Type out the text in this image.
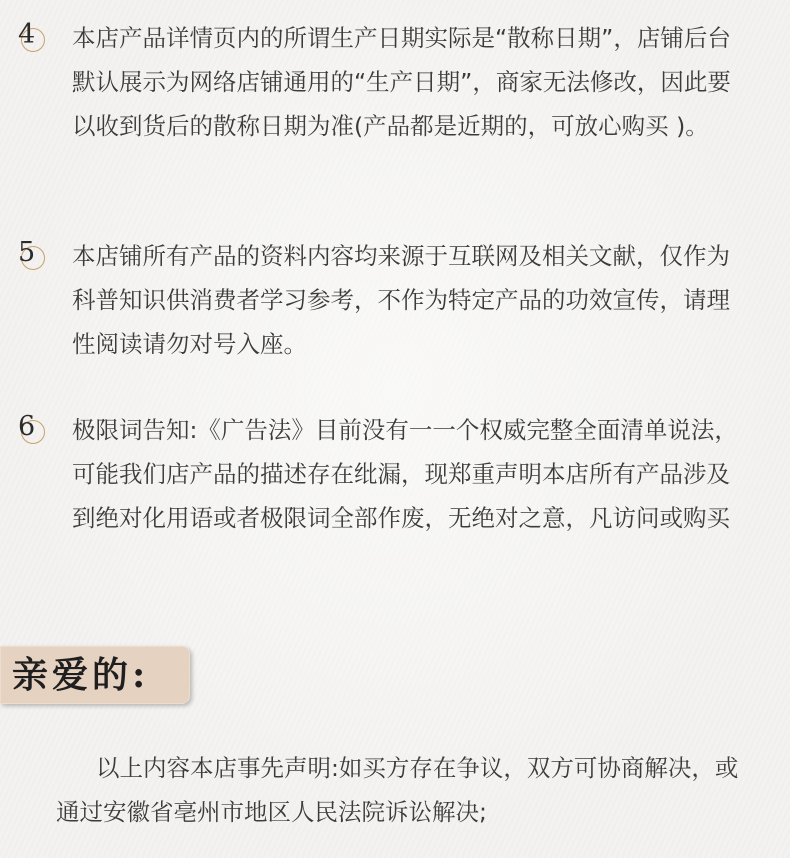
4 本店产品详情页内的所谓生产日期实际是“散称日期”，店铺后台默认展示为网络店铺通用的“生产日期”，商家无法修改，因此要以收到货后的散称日期为准(产品都是近期的，可放心购买 )。

5 本店铺所有产品的资料内容均来源于互联网及相关文献，仅作为科普知识供消费者学习参考，不作为特定产品的功效宣传，请理性阅读请勿对号入座。

6 极限词告知:《广告法》目前没有一一个权威完整全面清单说法，可能我们店产品的描述存在纰漏，现郑重声明本店所有产品涉及到绝对化用语或者极限词全部作废，无绝对之意，凡访问或购买

亲爱的:

以上内容本店事先声明:如买方存在争议，双方可协商解决，或通过安徽省亳州市地区人民法院诉讼解决;
